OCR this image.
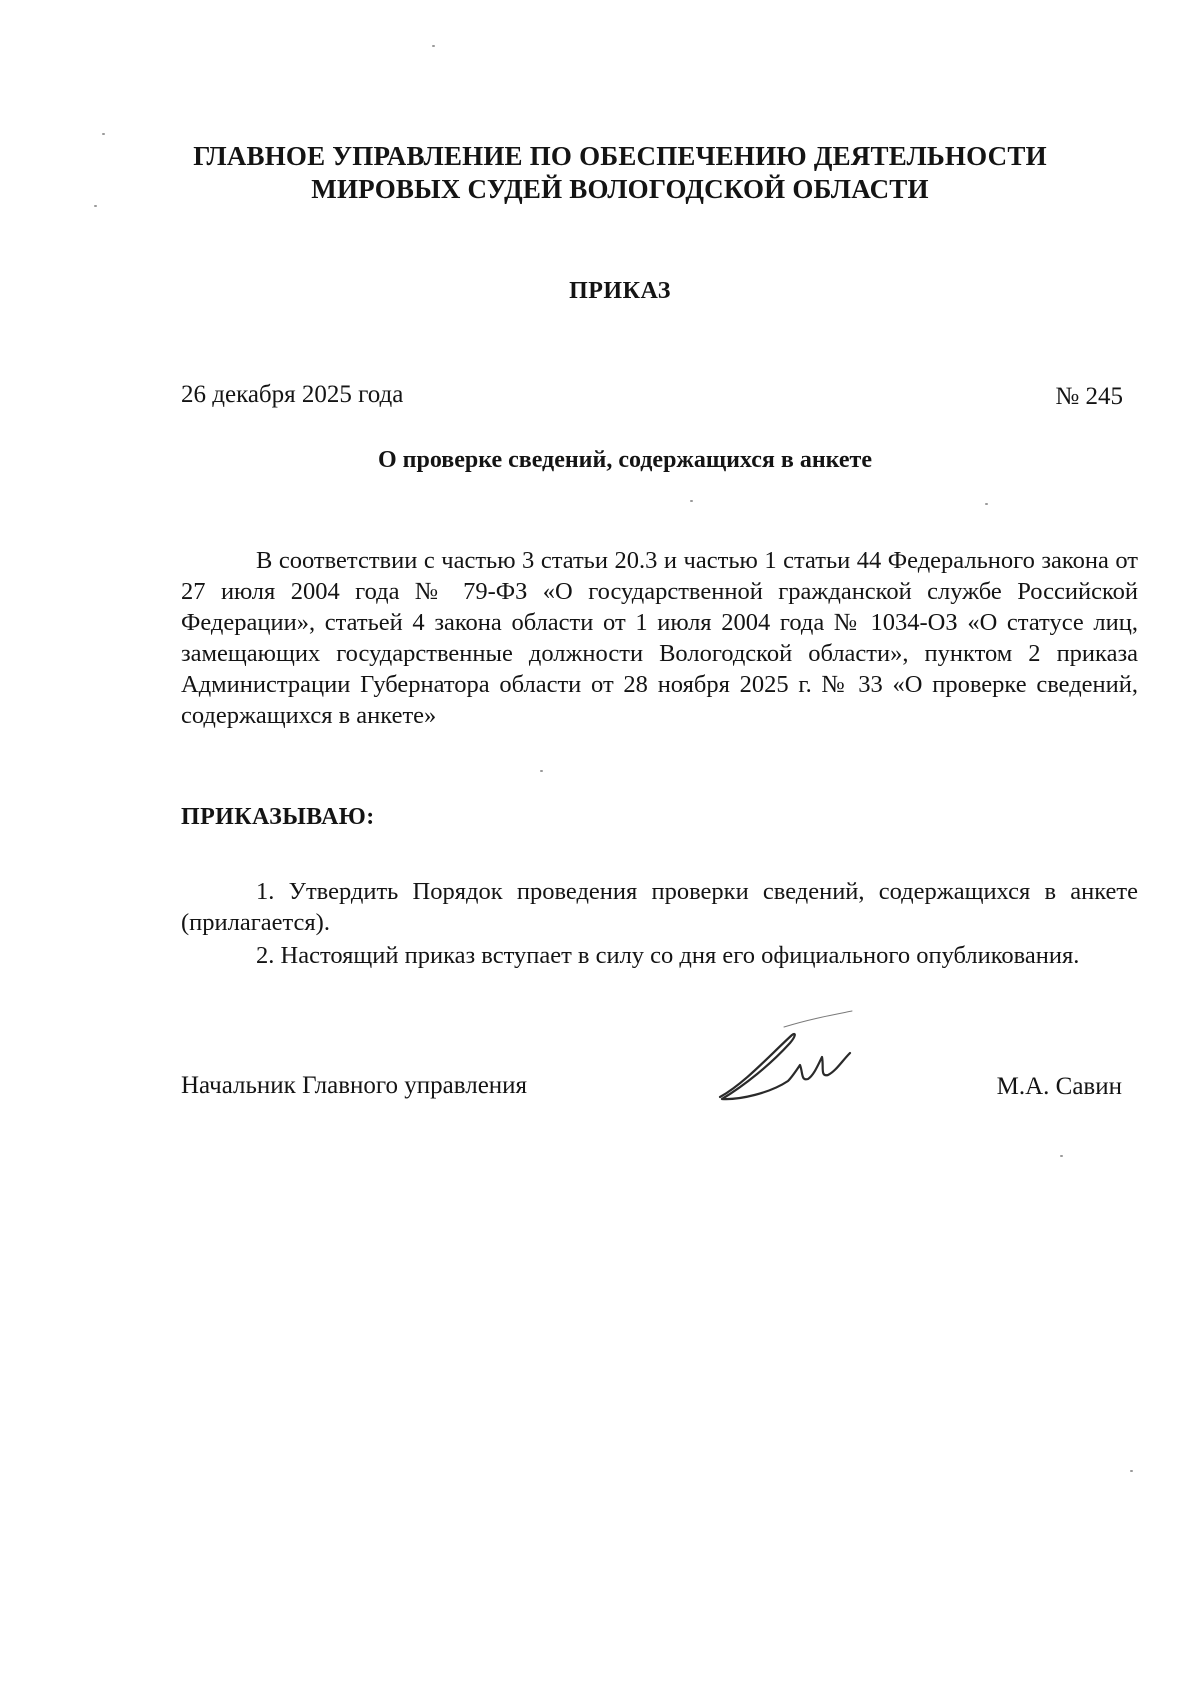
ГЛАВНОЕ УПРАВЛЕНИЕ ПО ОБЕСПЕЧЕНИЮ ДЕЯТЕЛЬНОСТИ
МИРОВЫХ СУДЕЙ ВОЛОГОДСКОЙ ОБЛАСТИ
ПРИКАЗ
26 декабря 2025 года	№ 245
О проверке сведений, содержащихся в анкете

В соответствии с частью 3 статьи 20.3 и частью 1 статьи 44 Федерального закона от 27 июля 2004 года № 79-ФЗ «О государственной гражданской службе Российской Федерации», статьей 4 закона области от 1 июля 2004 года № 1034-ОЗ «О статусе лиц, замещающих государственные должности Вологодской области», пунктом 2 приказа Администрации Губернатора области от 28 ноября 2025 г. № 33 «О проверке сведений, содержащихся в анкете»

ПРИКАЗЫВАЮ:

1. Утвердить Порядок проведения проверки сведений, содержащихся в анкете (прилагается).

2. Настоящий приказ вступает в силу со дня его официального опубликования.

Начальник Главного управления	М.А. Савин
